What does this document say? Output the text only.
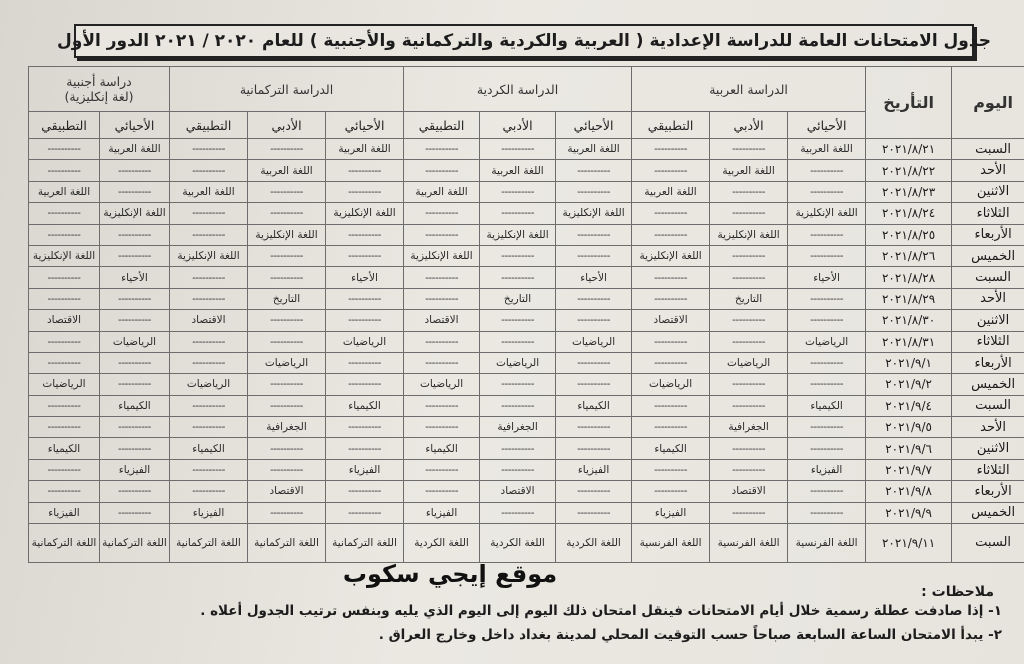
جدول الامتحانات العامة للدراسة الإعدادية ( العربية والكردية والتركمانية والأجنبية ) للعام ٢٠٢٠ / ٢٠٢١ الدور الأول
اليوم	التأريخ	الدراسة العربية			الدراسة الكردية			الدراسة التركمانية			دراسة أجنبية
(لغة إنكليزية)	

		الأحيائي	الأدبي	التطبيقي	الأحيائي	الأدبي	التطبيقي	الأحيائي	الأدبي	التطبيقي	الأحيائي	التطبيقي
السبت	٢٠٢١/٨/٢١	اللغة العربية	----------	----------	اللغة العربية	----------	----------	اللغة العربية	----------	----------	اللغة العربية	----------
الأحد	٢٠٢١/٨/٢٢	----------	اللغة العربية	----------	----------	اللغة العربية	----------	----------	اللغة العربية	----------	----------	----------
الاثنين	٢٠٢١/٨/٢٣	----------	----------	اللغة العربية	----------	----------	اللغة العربية	----------	----------	اللغة العربية	----------	اللغة العربية
الثلاثاء	٢٠٢١/٨/٢٤	اللغة الإنكليزية	----------	----------	اللغة الإنكليزية	----------	----------	اللغة الإنكليزية	----------	----------	اللغة الإنكليزية	----------
الأربعاء	٢٠٢١/٨/٢٥	----------	اللغة الإنكليزية	----------	----------	اللغة الإنكليزية	----------	----------	اللغة الإنكليزية	----------	----------	----------
الخميس	٢٠٢١/٨/٢٦	----------	----------	اللغة الإنكليزية	----------	----------	اللغة الإنكليزية	----------	----------	اللغة الإنكليزية	----------	اللغة الإنكليزية
السبت	٢٠٢١/٨/٢٨	الأحياء	----------	----------	الأحياء	----------	----------	الأحياء	----------	----------	الأحياء	----------
الأحد	٢٠٢١/٨/٢٩	----------	التاريخ	----------	----------	التاريخ	----------	----------	التاريخ	----------	----------	----------
الاثنين	٢٠٢١/٨/٣٠	----------	----------	الاقتصاد	----------	----------	الاقتصاد	----------	----------	الاقتصاد	----------	الاقتصاد
الثلاثاء	٢٠٢١/٨/٣١	الرياضيات	----------	----------	الرياضيات	----------	----------	الرياضيات	----------	----------	الرياضيات	----------
الأربعاء	٢٠٢١/٩/١	----------	الرياضيات	----------	----------	الرياضيات	----------	----------	الرياضيات	----------	----------	----------
الخميس	٢٠٢١/٩/٢	----------	----------	الرياضيات	----------	----------	الرياضيات	----------	----------	الرياضيات	----------	الرياضيات
السبت	٢٠٢١/٩/٤	الكيمياء	----------	----------	الكيمياء	----------	----------	الكيمياء	----------	----------	الكيمياء	----------
الأحد	٢٠٢١/٩/٥	----------	الجغرافية	----------	----------	الجغرافية	----------	----------	الجغرافية	----------	----------	----------
الاثنين	٢٠٢١/٩/٦	----------	----------	الكيمياء	----------	----------	الكيمياء	----------	----------	الكيمياء	----------	الكيمياء
الثلاثاء	٢٠٢١/٩/٧	الفيزياء	----------	----------	الفيزياء	----------	----------	الفيزياء	----------	----------	الفيزياء	----------
الأربعاء	٢٠٢١/٩/٨	----------	الاقتصاد	----------	----------	الاقتصاد	----------	----------	الاقتصاد	----------	----------	----------
الخميس	٢٠٢١/٩/٩	----------	----------	الفيزياء	----------	----------	الفيزياء	----------	----------	الفيزياء	----------	الفيزياء
السبت	٢٠٢١/٩/١١	اللغة الفرنسية	اللغة الفرنسية	اللغة الفرنسية	اللغة الكردية	اللغة الكردية	اللغة الكردية	اللغة التركمانية	اللغة التركمانية	اللغة التركمانية	اللغة التركمانية	اللغة التركمانية
موقع إيجي سكوب
ملاحظات :
١- إذا صادفت عطلة رسمية خلال أيام الامتحانات فينقل امتحان ذلك اليوم إلى اليوم الذي يليه وبنفس ترتيب الجدول أعلاه .
٢- يبدأ الامتحان الساعة السابعة صباحاً حسب التوقيت المحلي لمدينة بغداد داخل وخارج العراق .
